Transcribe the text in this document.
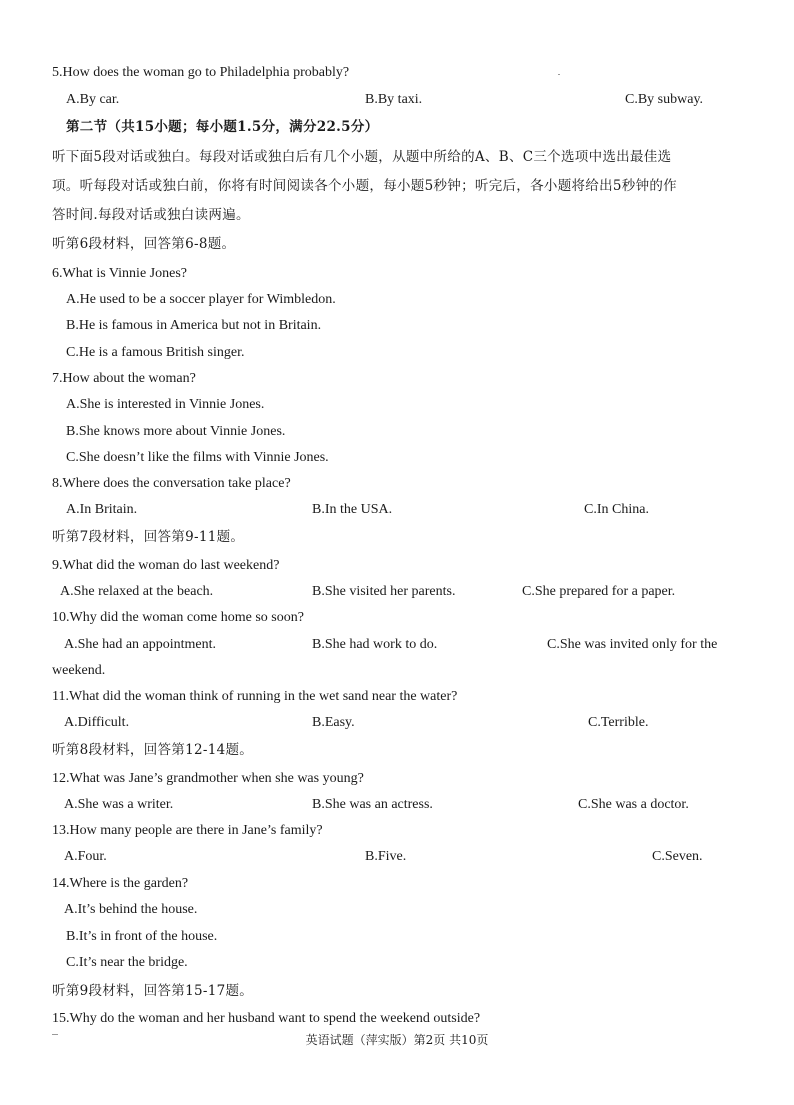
5.How does the woman go to Philadelphia probably?
A.By car.	B.By taxi.	C.By subway.
第二节（共15小题；每小题1.5分，满分22.5分）
听下面5段对话或独白。每段对话或独白后有几个小题，从题中所给的A、B、C三个选项中选出最佳选
项。听每段对话或独白前，你将有时间阅读各个小题，每小题5秒钟；听完后，各小题将给出5秒钟的作
答时间.每段对话或独白读两遍。
听第6段材料，回答第6-8题。
6.What is Vinnie Jones?
A.He used to be a soccer player for Wimbledon.
B.He is famous in America but not in Britain.
C.He is a famous British singer.
7.How about the woman?
A.She is interested in Vinnie Jones.
B.She knows more about Vinnie Jones.
C.She doesn’t like the films with Vinnie Jones.
8.Where does the conversation take place?
A.In Britain.	B.In the USA.	C.In China.
听第7段材料，回答第9-11题。
9.What did the woman do last weekend?
A.She relaxed at the beach.	B.She visited her parents.	C.She prepared for a paper.
10.Why did the woman come home so soon?
A.She had an appointment.	B.She had work to do.	C.She was invited only for the
weekend.
11.What did the woman think of running in the wet sand near the water?
A.Difficult.	B.Easy.	C.Terrible.
听第8段材料，回答第12-14题。
12.What was Jane’s grandmother when she was young?
A.She was a writer.	B.She was an actress.	C.She was a doctor.
13.How many people are there in Jane’s family?
A.Four.	B.Five.	C.Seven.
14.Where is the garden?
A.It’s behind the house.
B.It’s in front of the house.
C.It’s near the bridge.
听第9段材料，回答第15-17题。
15.Why do the woman and her husband want to spend the weekend outside?
英语试题（萍实版）第2页 共10页
